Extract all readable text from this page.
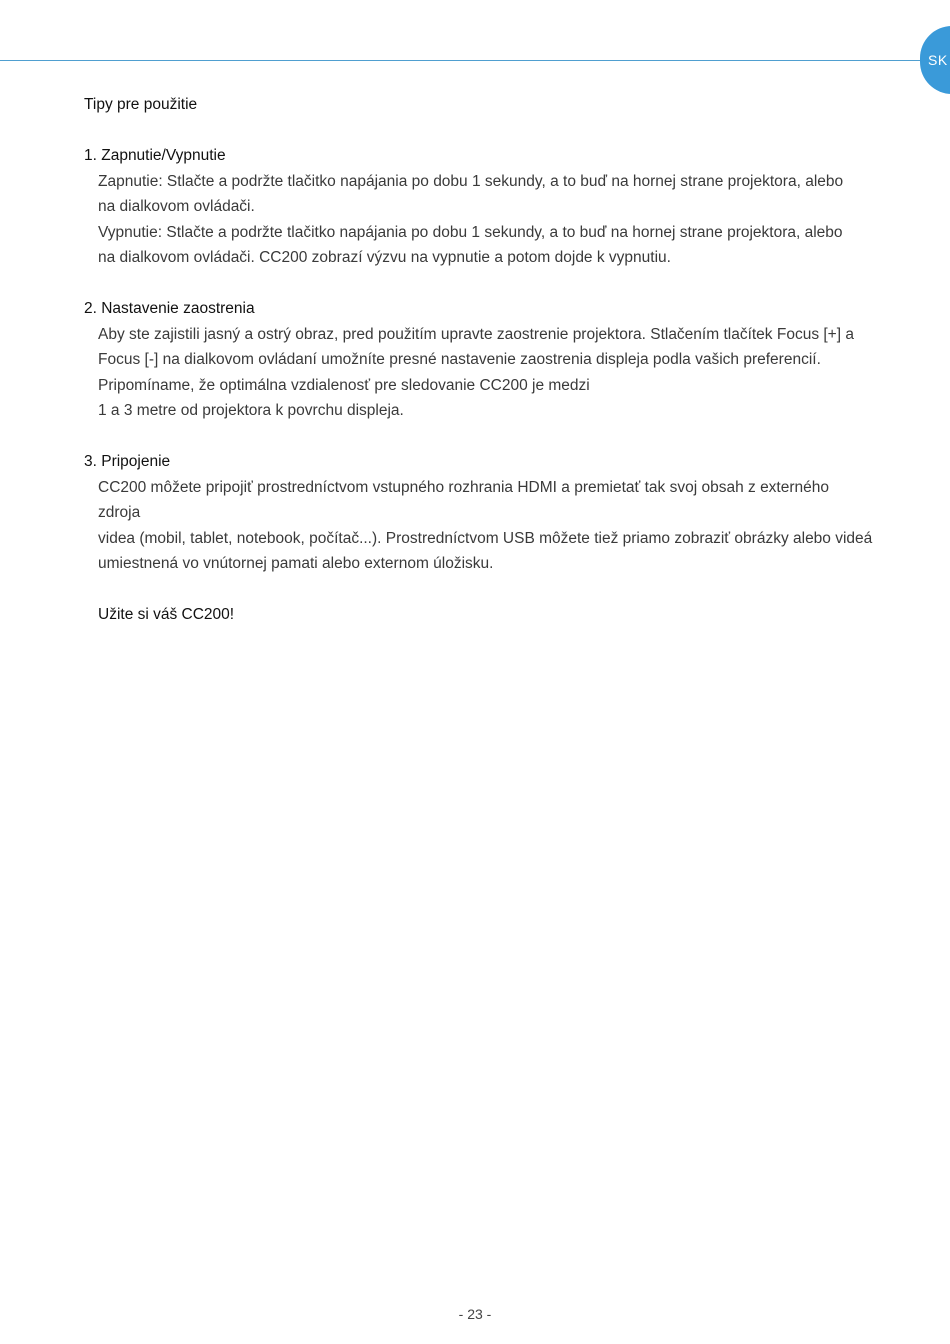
SK
Tipy pre použitie
1. Zapnutie/Vypnutie

Zapnutie: Stlačte a podržte tlačitko napájania po dobu 1 sekundy, a to buď na hornej strane projektora, alebo

na dialkovom ovládači.

Vypnutie: Stlačte a podržte tlačitko napájania po dobu 1 sekundy, a to buď na hornej strane projektora, alebo

na dialkovom ovládači. CC200 zobrazí výzvu na vypnutie a potom dojde k vypnutiu.

2. Nastavenie zaostrenia

Aby ste zajistili jasný a ostrý obraz, pred použitím upravte zaostrenie projektora. Stlačením tlačítek Focus [+] a

Focus [-] na dialkovom ovládaní umožníte presné nastavenie zaostrenia displeja podla vašich preferencií.

Pripomíname, že optimálna vzdialenosť pre sledovanie CC200 je medzi

1 a 3 metre od projektora k povrchu displeja.

3. Pripojenie

CC200 môžete pripojiť prostredníctvom vstupného rozhrania HDMI a premietať tak svoj obsah z externého zdroja

videa (mobil, tablet, notebook, počítač...). Prostredníctvom USB môžete tiež priamo zobraziť obrázky alebo videá

umiestnená vo vnútornej pamati alebo externom úložisku.

Užite si váš CC200!

- 23 -
